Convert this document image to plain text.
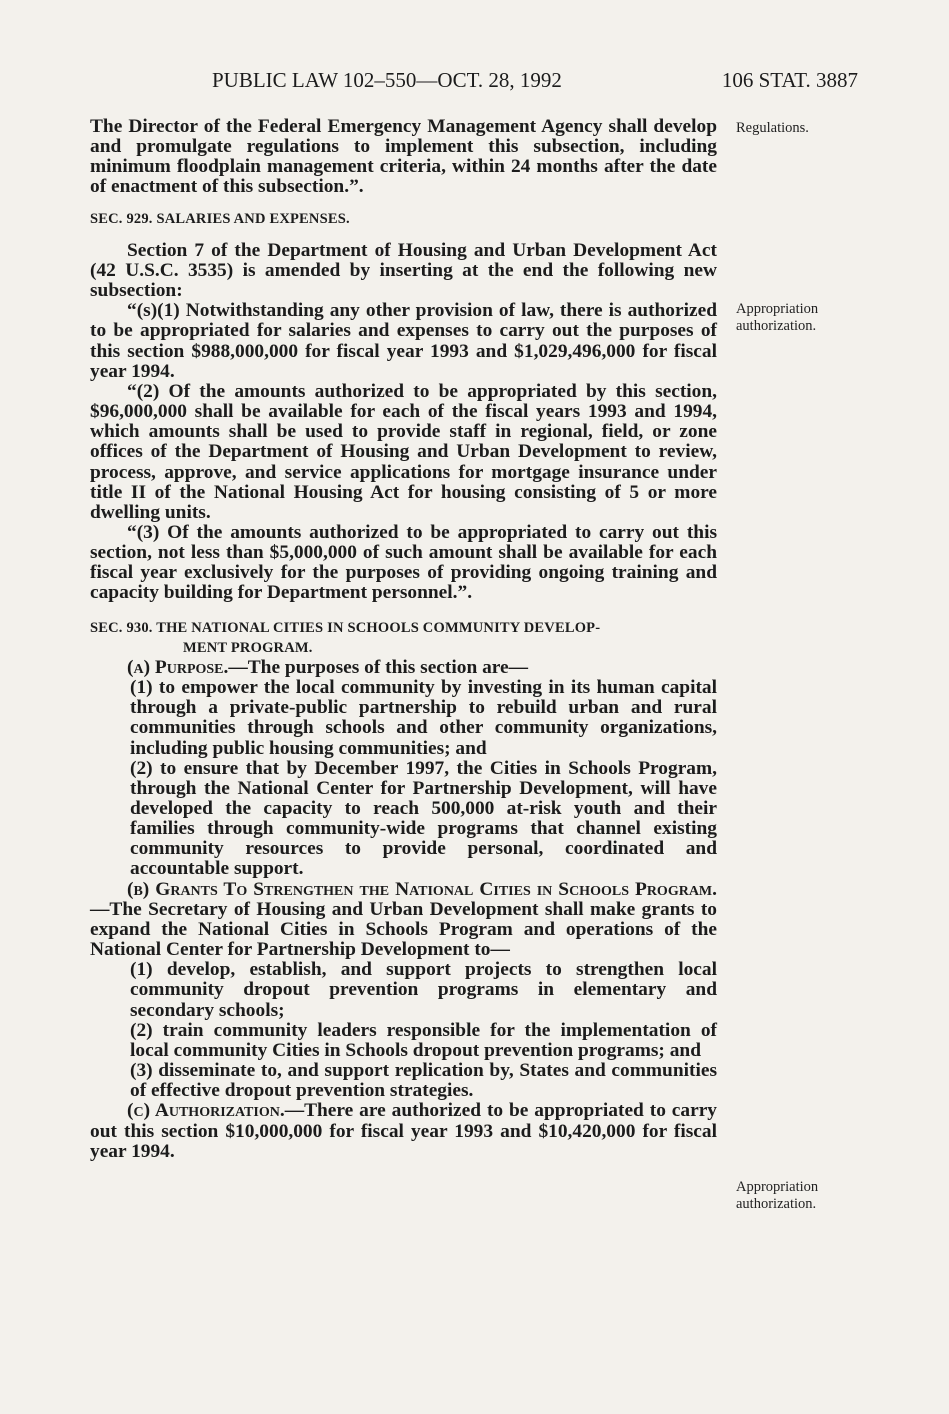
PUBLIC LAW 102–550—OCT. 28, 1992	106 STAT. 3887
Regulations.
Appropriation authorization.
Appropriation authorization.

The Director of the Federal Emergency Management Agency shall develop and promulgate regulations to implement this subsection, including minimum floodplain management criteria, within 24 months after the date of enactment of this subsection.”.

SEC. 929. SALARIES AND EXPENSES.

Section 7 of the Department of Housing and Urban Development Act (42 U.S.C. 3535) is amended by inserting at the end the following new subsection:

“(s)(1) Notwithstanding any other provision of law, there is authorized to be appropriated for salaries and expenses to carry out the purposes of this section $988,000,000 for fiscal year 1993 and $1,029,496,000 for fiscal year 1994.

“(2) Of the amounts authorized to be appropriated by this section, $96,000,000 shall be available for each of the fiscal years 1993 and 1994, which amounts shall be used to provide staff in regional, field, or zone offices of the Department of Housing and Urban Development to review, process, approve, and service applications for mortgage insurance under title II of the National Housing Act for housing consisting of 5 or more dwelling units.

“(3) Of the amounts authorized to be appropriated to carry out this section, not less than $5,000,000 of such amount shall be available for each fiscal year exclusively for the purposes of providing ongoing training and capacity building for Department personnel.”.

SEC. 930. THE NATIONAL CITIES IN SCHOOLS COMMUNITY DEVELOP-
MENT PROGRAM.

(a) Purpose.—The purposes of this section are—

(1) to empower the local community by investing in its human capital through a private-public partnership to rebuild urban and rural communities through schools and other community organizations, including public housing communities; and

(2) to ensure that by December 1997, the Cities in Schools Program, through the National Center for Partnership Development, will have developed the capacity to reach 500,000 at-risk youth and their families through community-wide programs that channel existing community resources to provide personal, coordinated and accountable support.

(b) Grants To Strengthen the National Cities in Schools Program.—The Secretary of Housing and Urban Development shall make grants to expand the National Cities in Schools Program and operations of the National Center for Partnership Development to—

(1) develop, establish, and support projects to strengthen local community dropout prevention programs in elementary and secondary schools;

(2) train community leaders responsible for the implementation of local community Cities in Schools dropout prevention programs; and

(3) disseminate to, and support replication by, States and communities of effective dropout prevention strategies.

(c) Authorization.—There are authorized to be appropriated to carry out this section $10,000,000 for fiscal year 1993 and $10,420,000 for fiscal year 1994.
